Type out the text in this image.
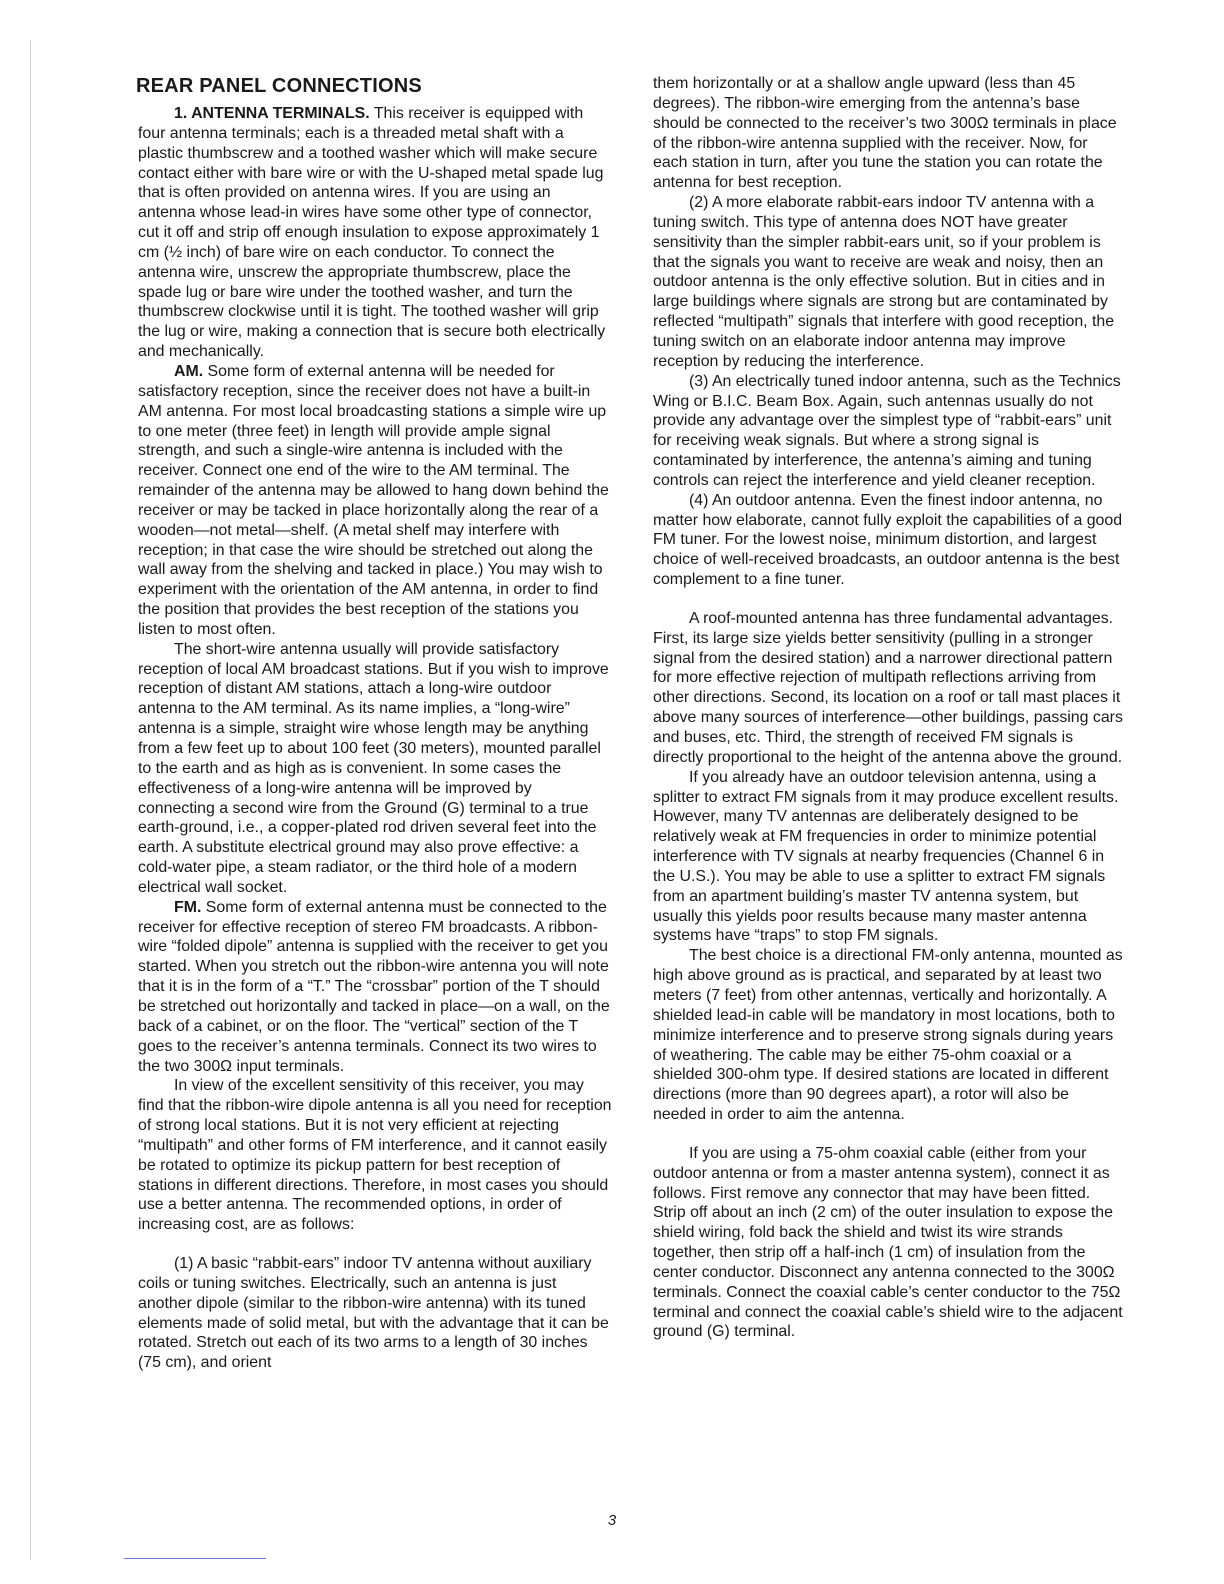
REAR PANEL CONNECTIONS

1. ANTENNA TERMINALS. This receiver is equipped with four antenna terminals; each is a threaded metal shaft with a plastic thumbscrew and a toothed washer which will make secure contact either with bare wire or with the U-shaped metal spade lug that is often provided on antenna wires. If you are using an antenna whose lead-in wires have some other type of connector, cut it off and strip off enough insulation to expose approximately 1 cm (½ inch) of bare wire on each conductor. To connect the antenna wire, unscrew the appropriate thumbscrew, place the spade lug or bare wire under the toothed washer, and turn the thumbscrew clockwise until it is tight. The toothed washer will grip the lug or wire, making a connection that is secure both electrically and mechanically.

AM. Some form of external antenna will be needed for satisfactory reception, since the receiver does not have a built-in AM antenna. For most local broadcasting stations a simple wire up to one meter (three feet) in length will provide ample signal strength, and such a single-wire antenna is included with the receiver. Connect one end of the wire to the AM terminal. The remainder of the antenna may be allowed to hang down behind the receiver or may be tacked in place horizontally along the rear of a wooden—not metal—shelf. (A metal shelf may interfere with reception; in that case the wire should be stretched out along the wall away from the shelving and tacked in place.) You may wish to experiment with the orientation of the AM antenna, in order to find the position that provides the best reception of the stations you listen to most often.

The short-wire antenna usually will provide satisfactory reception of local AM broadcast stations. But if you wish to improve reception of distant AM stations, attach a long-wire outdoor antenna to the AM terminal. As its name implies, a “long-wire” antenna is a simple, straight wire whose length may be anything from a few feet up to about 100 feet (30 meters), mounted parallel to the earth and as high as is convenient. In some cases the effectiveness of a long-wire antenna will be improved by connecting a second wire from the Ground (G) terminal to a true earth-ground, i.e., a copper-plated rod driven several feet into the earth. A substitute electrical ground may also prove effective: a cold-water pipe, a steam radiator, or the third hole of a modern electrical wall socket.

FM. Some form of external antenna must be connected to the receiver for effective reception of stereo FM broadcasts. A ribbon-wire “folded dipole” antenna is supplied with the receiver to get you started. When you stretch out the ribbon-wire antenna you will note that it is in the form of a “T.” The “crossbar” portion of the T should be stretched out horizontally and tacked in place—on a wall, on the back of a cabinet, or on the floor. The “vertical” section of the T goes to the receiver’s antenna terminals. Connect its two wires to the two 300Ω input terminals.

In view of the excellent sensitivity of this receiver, you may find that the ribbon-wire dipole antenna is all you need for reception of strong local stations. But it is not very efficient at rejecting “multipath” and other forms of FM interference, and it cannot easily be rotated to optimize its pickup pattern for best reception of stations in different directions. Therefore, in most cases you should use a better antenna. The recommended options, in order of increasing cost, are as follows:

(1) A basic “rabbit-ears” indoor TV antenna without auxiliary coils or tuning switches. Electrically, such an antenna is just another dipole (similar to the ribbon-wire antenna) with its tuned elements made of solid metal, but with the advantage that it can be rotated. Stretch out each of its two arms to a length of 30 inches (75 cm), and orient

them horizontally or at a shallow angle upward (less than 45 degrees). The ribbon-wire emerging from the antenna’s base should be connected to the receiver’s two 300Ω terminals in place of the ribbon-wire antenna supplied with the receiver. Now, for each station in turn, after you tune the station you can rotate the antenna for best reception.

(2) A more elaborate rabbit-ears indoor TV antenna with a tuning switch. This type of antenna does NOT have greater sensitivity than the simpler rabbit-ears unit, so if your problem is that the signals you want to receive are weak and noisy, then an outdoor antenna is the only effective solution. But in cities and in large buildings where signals are strong but are contaminated by reflected “multipath” signals that interfere with good reception, the tuning switch on an elaborate indoor antenna may improve reception by reducing the interference.

(3) An electrically tuned indoor antenna, such as the Technics Wing or B.I.C. Beam Box. Again, such antennas usually do not provide any advantage over the simplest type of “rabbit-ears” unit for receiving weak signals. But where a strong signal is contaminated by interference, the antenna’s aiming and tuning controls can reject the interference and yield cleaner reception.

(4) An outdoor antenna. Even the finest indoor antenna, no matter how elaborate, cannot fully exploit the capabilities of a good FM tuner. For the lowest noise, minimum distortion, and largest choice of well-received broadcasts, an outdoor antenna is the best complement to a fine tuner.

A roof-mounted antenna has three fundamental advantages. First, its large size yields better sensitivity (pulling in a stronger signal from the desired station) and a narrower directional pattern for more effective rejection of multipath reflections arriving from other directions. Second, its location on a roof or tall mast places it above many sources of interference—other buildings, passing cars and buses, etc. Third, the strength of received FM signals is directly proportional to the height of the antenna above the ground.

If you already have an outdoor television antenna, using a splitter to extract FM signals from it may produce excellent results. However, many TV antennas are deliberately designed to be relatively weak at FM frequencies in order to minimize potential interference with TV signals at nearby frequencies (Channel 6 in the U.S.). You may be able to use a splitter to extract FM signals from an apartment building’s master TV antenna system, but usually this yields poor results because many master antenna systems have “traps” to stop FM signals.

The best choice is a directional FM-only antenna, mounted as high above ground as is practical, and separated by at least two meters (7 feet) from other antennas, vertically and horizontally. A shielded lead-in cable will be mandatory in most locations, both to minimize interference and to preserve strong signals during years of weathering. The cable may be either 75-ohm coaxial or a shielded 300-ohm type. If desired stations are located in different directions (more than 90 degrees apart), a rotor will also be needed in order to aim the antenna.

If you are using a 75-ohm coaxial cable (either from your outdoor antenna or from a master antenna system), connect it as follows. First remove any connector that may have been fitted. Strip off about an inch (2 cm) of the outer insulation to expose the shield wiring, fold back the shield and twist its wire strands together, then strip off a half-inch (1 cm) of insulation from the center conductor. Disconnect any antenna connected to the 300Ω terminals. Connect the coaxial cable’s center conductor to the 75Ω terminal and connect the coaxial cable’s shield wire to the adjacent ground (G) terminal.

3
